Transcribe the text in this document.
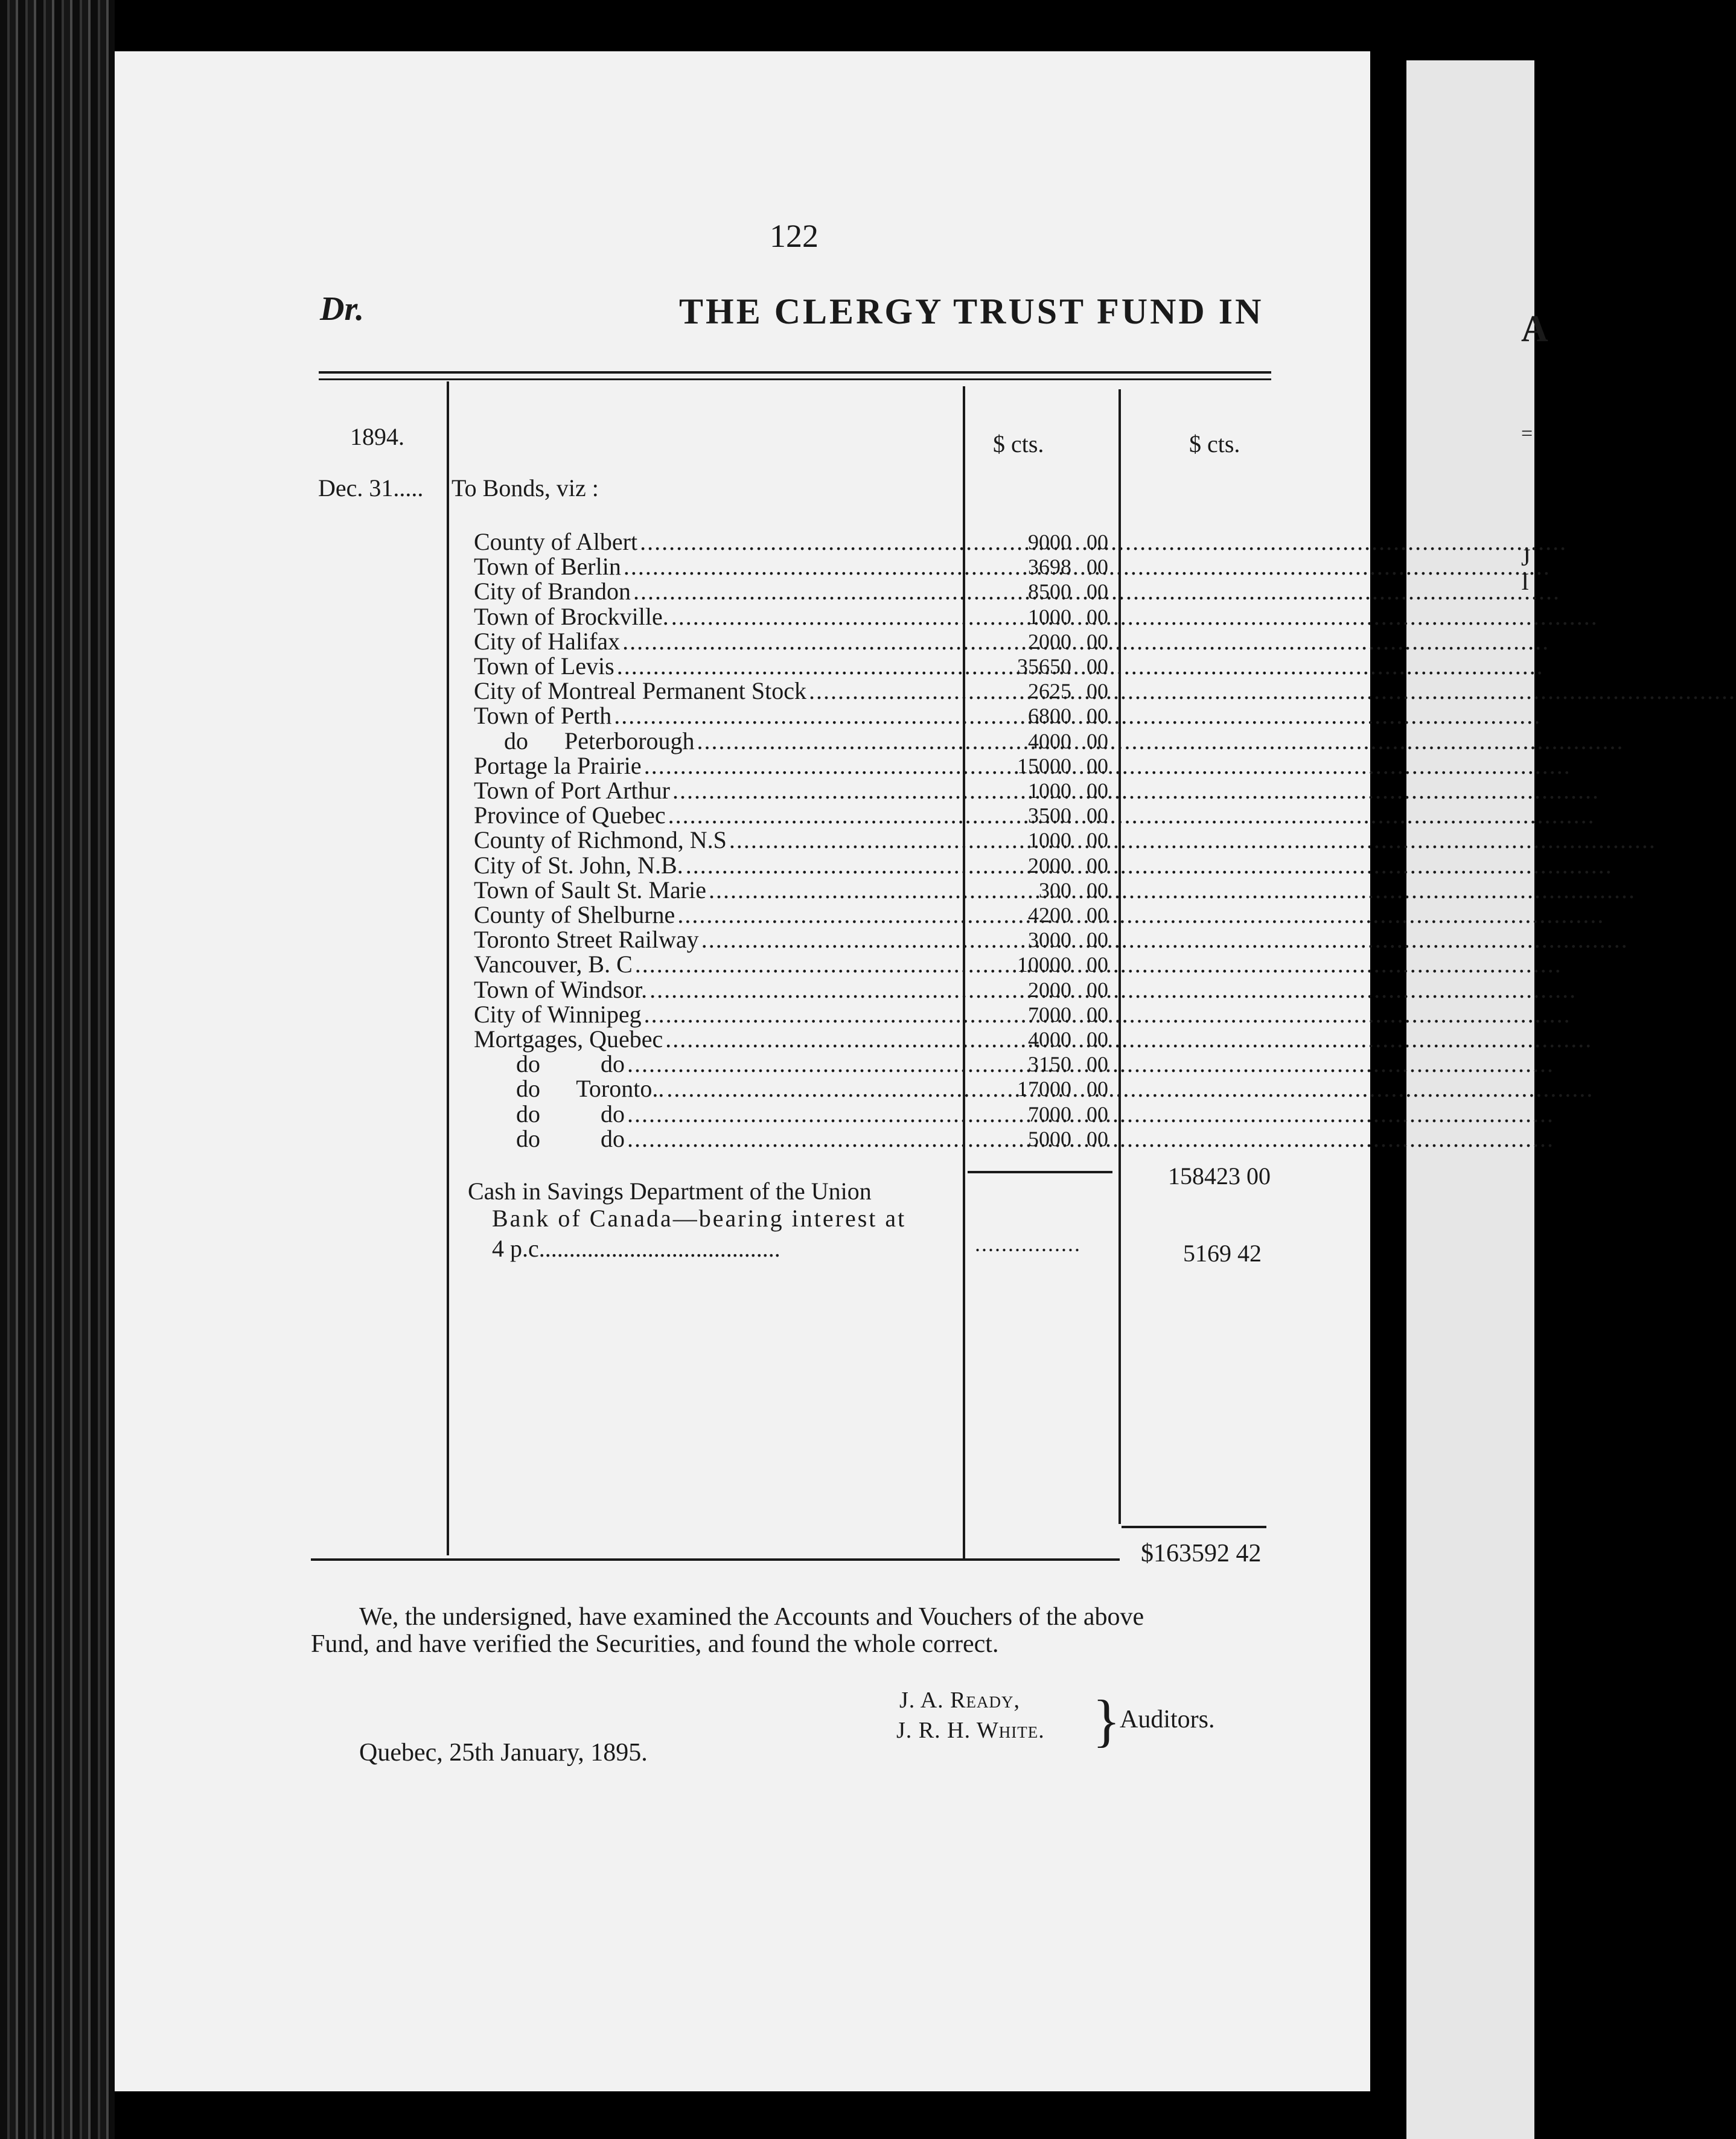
A
=
J
I
122
Dr.	THE CLERGY TRUST FUND IN
1894.	$ cts.	$ cts.
Dec. 31..... To Bonds, viz :
County of Albert .....	9000 00
Town of Berlin .....	3698 00
City of Brandon .....	8500 00
Town of Brockville. .....	1000 00
City of Halifax .....	2000 00
Town of Levis .....	35650 00
City of Montreal Permanent Stock .....	2625 00
Town of Perth .....	6800 00
do      Peterborough .....	4000 00
Portage la Prairie .....	15000 00
Town of Port Arthur .....	1000 00
Province of Quebec .....	3500 00
County of Richmond, N.S .....	1000 00
City of St. John, N.B. .....	2000 00
Town of Sault St. Marie .....	300 00
County of Shelburne .....	4200 00
Toronto Street Railway .....	3000 00
Vancouver, B. C .....	10000 00
Town of Windsor. .....	2000 00
City of Winnipeg .....	7000 00
Mortgages, Quebec .....	4000 00
do          do .....	3150 00
do      Toronto.. .....	17000 00
do          do .....	7000 00
do          do .....	5000 00
158423 00
Cash in Savings Department of the Union
Bank of Canada—bearing interest at
4 p.c........................................	................	5169 42
$163592 42
We, the undersigned, have examined the Accounts and Vouchers of the above
Fund, and have verified the Securities, and found the whole correct.
J. A. Ready,
J. R. H. White. }
Auditors.
Quebec, 25th January, 1895.
